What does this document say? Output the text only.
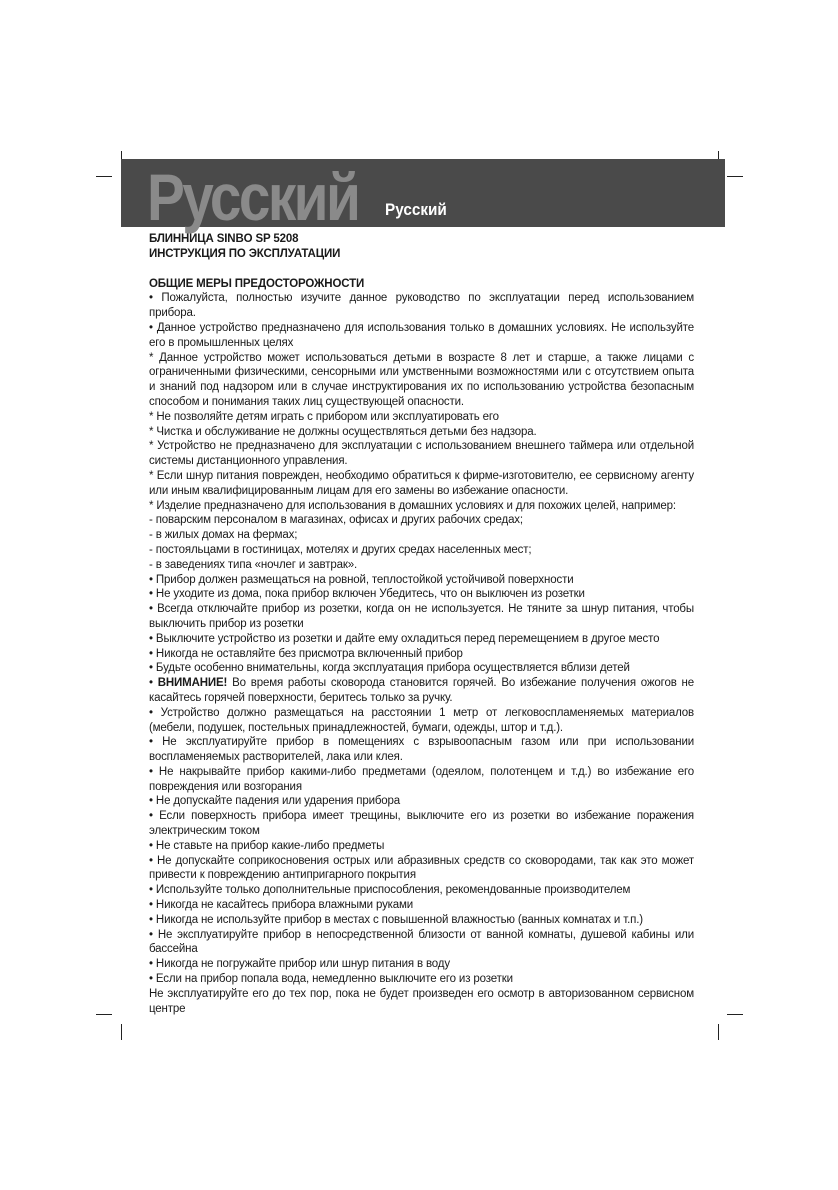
Русский Русский

БЛИННИЦА SINBO SP 5208

ИНСТРУКЦИЯ ПО ЭКСПЛУАТАЦИИ

ОБЩИЕ МЕРЫ ПРЕДОСТОРОЖНОСТИ

• Пожалуйста, полностью изучите данное руководство по эксплуатации перед использованием прибора.

• Данное устройство предназначено для использования только в домашних условиях. Не используйте его в промышленных целях

* Данное устройство может использоваться детьми в возрасте 8 лет и старше, а также лицами с ограниченными физическими, сенсорными или умственными возможностями или с отсутствием опыта и знаний под надзором или в случае инструктирования их по использованию устройства безопасным способом и понимания таких лиц существующей опасности.

* Не позволяйте детям играть с прибором или эксплуатировать его

* Чистка и обслуживание не должны осуществляться детьми без надзора.

* Устройство не предназначено для эксплуатации с использованием внешнего таймера или отдельной системы дистанционного управления.

* Если шнур питания поврежден, необходимо обратиться к фирме-изготовителю, ее сервисному агенту или иным квалифицированным лицам для его замены во избежание опасности.

* Изделие предназначено для использования в домашних условиях и для похожих целей, например:

- поварским персоналом в магазинах, офисах и других рабочих средах;

- в жилых домах на фермах;

- постояльцами в гостиницах, мотелях и других средах населенных мест;

- в заведениях типа «ночлег и завтрак».

• Прибор должен размещаться на ровной, теплостойкой устойчивой поверхности

• Не уходите из дома, пока прибор включен Убедитесь, что он выключен из розетки

• Всегда отключайте прибор из розетки, когда он не используется. Не тяните за шнур питания, чтобы выключить прибор из розетки

• Выключите устройство из розетки и дайте ему охладиться перед перемещением в другое место

• Никогда не оставляйте без присмотра включенный прибор

• Будьте особенно внимательны, когда эксплуатация прибора осуществляется вблизи детей

• ВНИМАНИЕ! Во время работы сковорода становится горячей. Во избежание получения ожогов не касайтесь горячей поверхности, беритесь только за ручку.

• Устройство должно размещаться на расстоянии 1 метр от легковоспламеняемых материалов (мебели, подушек, постельных принадлежностей, бумаги, одежды, штор и т.д.).

• Не эксплуатируйте прибор в помещениях с взрывоопасным газом или при использовании воспламеняемых растворителей, лака или клея.

• Не накрывайте прибор какими-либо предметами (одеялом, полотенцем и т.д.) во избежание его повреждения или возгорания

• Не допускайте падения или ударения прибора

• Если поверхность прибора имеет трещины, выключите его из розетки во избежание поражения электрическим током

• Не ставьте на прибор какие-либо предметы

• Не допускайте соприкосновения острых или абразивных средств со сковородами, так как это может привести к повреждению антипригарного покрытия

• Используйте только дополнительные приспособления, рекомендованные производителем

• Никогда не касайтесь прибора влажными руками

• Никогда не используйте прибор в местах с повышенной влажностью (ванных комнатах и т.п.)

• Не эксплуатируйте прибор в непосредственной близости от ванной комнаты, душевой кабины или бассейна

• Никогда не погружайте прибор или шнур питания в воду

• Если на прибор попала вода, немедленно выключите его из розетки

Не эксплуатируйте его до тех пор, пока не будет произведен его осмотр в авторизованном сервисном центре
